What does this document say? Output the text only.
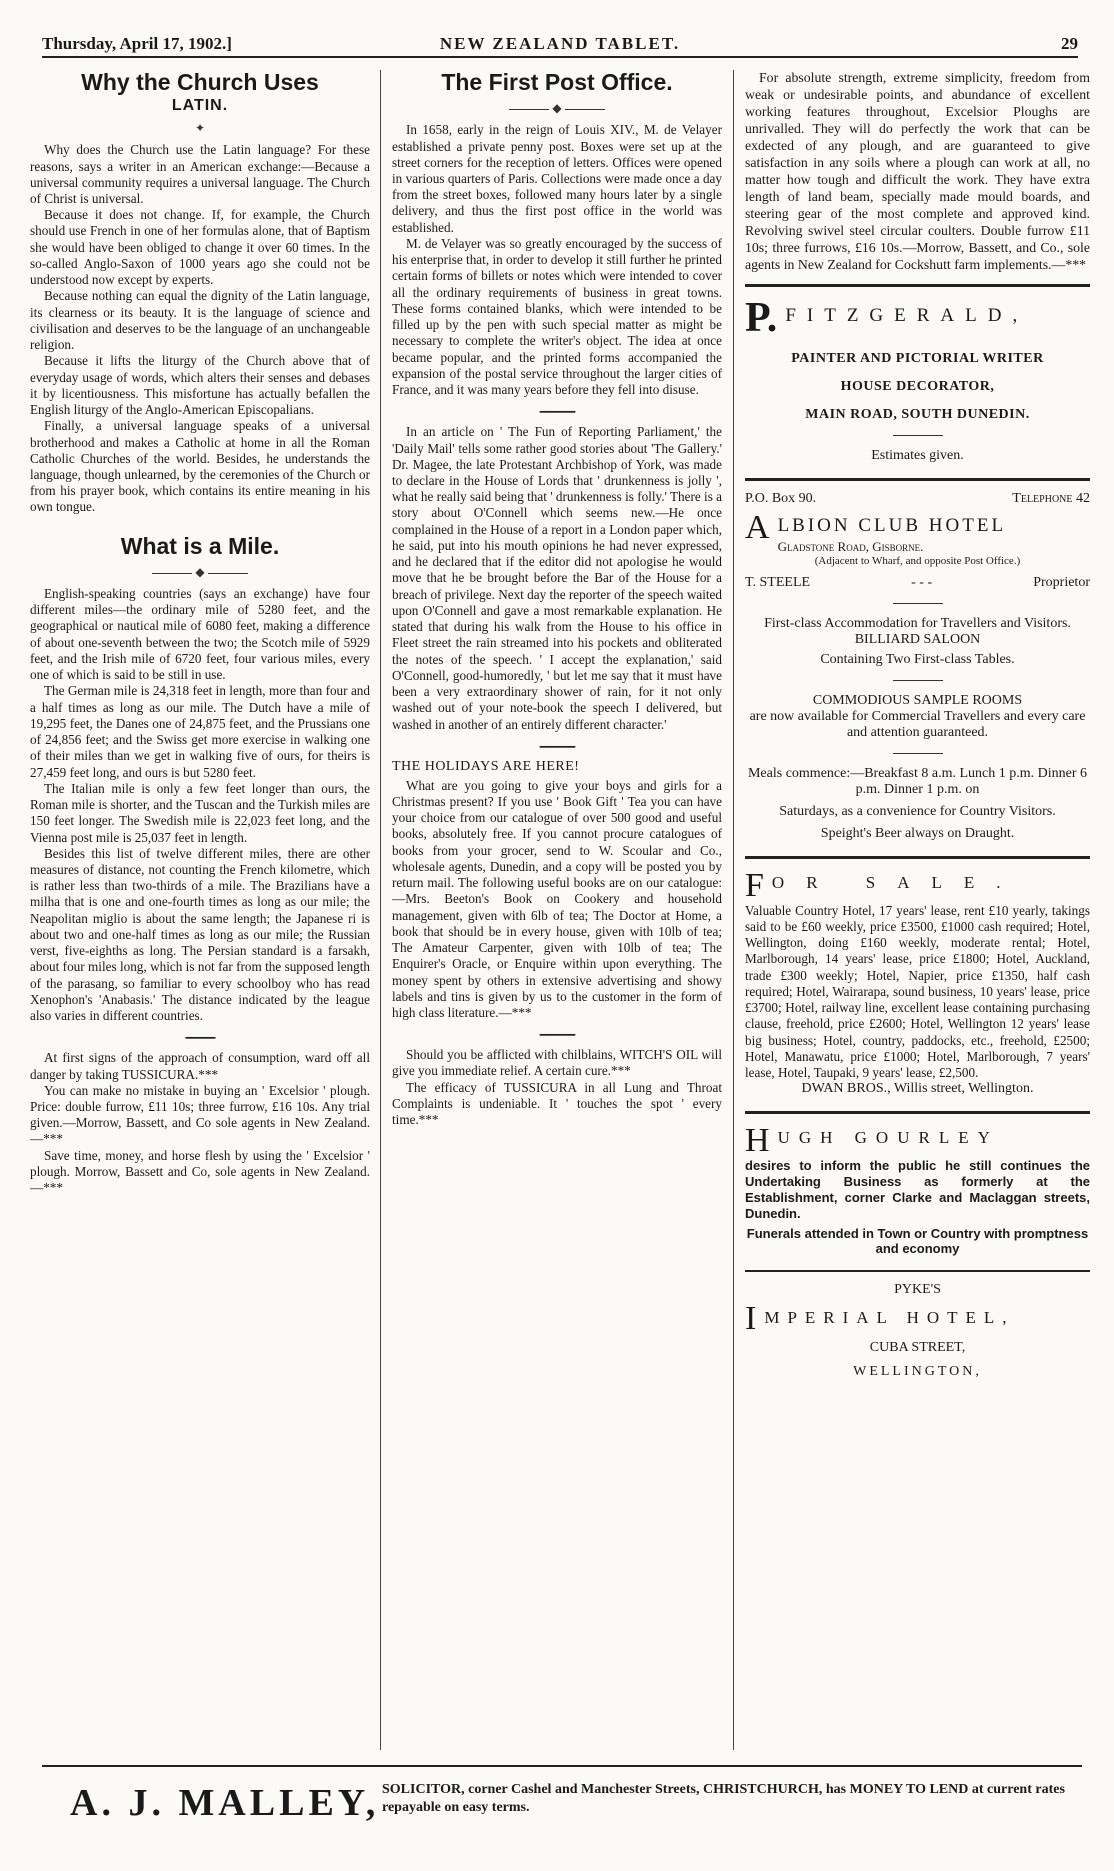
Thursday, April 17, 1902.]	NEW ZEALAND TABLET.	29
Why the Church Uses
LATIN.
✦

Why does the Church use the Latin language? For these reasons, says a writer in an American exchange:—Because a universal community requires a universal language. The Church of Christ is universal.

Because it does not change. If, for example, the Church should use French in one of her formulas alone, that of Baptism she would have been obliged to change it over 60 times. In the so-called Anglo-Saxon of 1000 years ago she could not be understood now except by experts.

Because nothing can equal the dignity of the Latin language, its clearness or its beauty. It is the language of science and civilisation and deserves to be the language of an unchangeable religion.

Because it lifts the liturgy of the Church above that of everyday usage of words, which alters their senses and debases it by licentiousness. This misfortune has actually befallen the English liturgy of the Anglo-American Episcopalians.

Finally, a universal language speaks of a universal brotherhood and makes a Catholic at home in all the Roman Catholic Churches of the world. Besides, he understands the language, though unlearned, by the ceremonies of the Church or from his prayer book, which contains its entire meaning in his own tongue.

What is a Mile.
◆

English-speaking countries (says an exchange) have four different miles—the ordinary mile of 5280 feet, and the geographical or nautical mile of 6080 feet, making a difference of about one-seventh between the two; the Scotch mile of 5929 feet, and the Irish mile of 6720 feet, four various miles, every one of which is said to be still in use.

The German mile is 24,318 feet in length, more than four and a half times as long as our mile. The Dutch have a mile of 19,295 feet, the Danes one of 24,875 feet, and the Prussians one of 24,856 feet; and the Swiss get more exercise in walking one of their miles than we get in walking five of ours, for theirs is 27,459 feet long, and ours is but 5280 feet.

The Italian mile is only a few feet longer than ours, the Roman mile is shorter, and the Tuscan and the Turkish miles are 150 feet longer. The Swedish mile is 22,023 feet long, and the Vienna post mile is 25,037 feet in length.

Besides this list of twelve different miles, there are other measures of distance, not counting the French kilometre, which is rather less than two-thirds of a mile. The Brazilians have a milha that is one and one-fourth times as long as our mile; the Neapolitan miglio is about the same length; the Japanese ri is about two and one-half times as long as our mile; the Russian verst, five-eighths as long. The Persian standard is a farsakh, about four miles long, which is not far from the supposed length of the parasang, so familiar to every schoolboy who has read Xenophon's 'Anabasis.' The distance indicated by the league also varies in different countries.

▪▪▪▪▪▪▪▪▪▪▪▪▪▪▪▪▪▪▪▪

At first signs of the approach of consumption, ward off all danger by taking TUSSICURA.***

You can make no mistake in buying an ' Excelsior ' plough. Price: double furrow, £11 10s; three furrow, £16 10s. Any trial given.—Morrow, Bassett, and Co sole agents in New Zealand.—***

Save time, money, and horse flesh by using the ' Excelsior ' plough. Morrow, Bassett and Co, sole agents in New Zealand.—***

The First Post Office.
◆

In 1658, early in the reign of Louis XIV., M. de Velayer established a private penny post. Boxes were set up at the street corners for the reception of letters. Offices were opened in various quarters of Paris. Collections were made once a day from the street boxes, followed many hours later by a single delivery, and thus the first post office in the world was established.

M. de Velayer was so greatly encouraged by the success of his enterprise that, in order to develop it still further he printed certain forms of billets or notes which were intended to cover all the ordinary requirements of business in great towns. These forms contained blanks, which were intended to be filled up by the pen with such special matter as might be necessary to complete the writer's object. The idea at once became popular, and the printed forms accompanied the expansion of the postal service throughout the larger cities of France, and it was many years before they fell into disuse.

▪▪▪▪▪▪▪▪▪▪▪▪▪▪▪▪▪▪▪▪▪▪▪▪

In an article on ' The Fun of Reporting Parliament,' the 'Daily Mail' tells some rather good stories about 'The Gallery.' Dr. Magee, the late Protestant Archbishop of York, was made to declare in the House of Lords that ' drunkenness is jolly ', what he really said being that ' drunkenness is folly.' There is a story about O'Connell which seems new.—He once complained in the House of a report in a London paper which, he said, put into his mouth opinions he had never expressed, and he declared that if the editor did not apologise he would move that he be brought before the Bar of the House for a breach of privilege. Next day the reporter of the speech waited upon O'Connell and gave a most remarkable explanation. He stated that during his walk from the House to his office in Fleet street the rain streamed into his pockets and obliterated the notes of the speech. ' I accept the explanation,' said O'Connell, good-humoredly, ' but let me say that it must have been a very extraordinary shower of rain, for it not only washed out of your note-book the speech I delivered, but washed in another of an entirely different character.'

▪▪▪▪▪▪▪▪▪▪▪▪▪▪▪▪▪▪▪▪▪▪▪▪
THE HOLIDAYS ARE HERE!

What are you going to give your boys and girls for a Christmas present? If you use ' Book Gift ' Tea you can have your choice from our catalogue of over 500 good and useful books, absolutely free. If you cannot procure catalogues of books from your grocer, send to W. Scoular and Co., wholesale agents, Dunedin, and a copy will be posted you by return mail. The following useful books are on our catalogue:—Mrs. Beeton's Book on Cookery and household management, given with 6lb of tea; The Doctor at Home, a book that should be in every house, given with 10lb of tea; The Amateur Carpenter, given with 10lb of tea; The Enquirer's Oracle, or Enquire within upon everything. The money spent by others in extensive advertising and showy labels and tins is given by us to the customer in the form of high class literature.—***

▪▪▪▪▪▪▪▪▪▪▪▪▪▪▪▪▪▪▪▪▪▪▪▪

Should you be afflicted with chilblains, WITCH'S OIL will give you immediate relief. A certain cure.***

The efficacy of TUSSICURA in all Lung and Throat Complaints is undeniable. It ' touches the spot ' every time.***

For absolute strength, extreme simplicity, freedom from weak or undesirable points, and abundance of excellent working features throughout, Excelsior Ploughs are unrivalled. They will do perfectly the work that can be exdected of any plough, and are guaranteed to give satisfaction in any soils where a plough can work at all, no matter how tough and difficult the work. They have extra length of land beam, specially made mould boards, and steering gear of the most complete and approved kind. Revolving swivel steel circular coulters. Double furrow £11 10s; three furrows, £16 10s.—Morrow, Bassett, and Co., sole agents in New Zealand for Cockshutt farm implements.—***

P. FITZGERALD,
PAINTER AND PICTORIAL WRITER
HOUSE DECORATOR,
MAIN ROAD, SOUTH DUNEDIN.
Estimates given.
P.O. Box 90.	Telephone 42
A LBION CLUB HOTEL
Gladstone Road, Gisborne.
(Adjacent to Wharf, and opposite Post Office.)
T. STEELE	- - -	Proprietor
First-class Accommodation for Travellers and Visitors.
BILLIARD SALOON
Containing Two First-class Tables.
COMMODIOUS SAMPLE ROOMS
are now available for Commercial Travellers and every care and attention guaranteed.
Meals commence:—Breakfast 8 a.m. Lunch 1 p.m. Dinner 6 p.m. Dinner 1 p.m. on
Saturdays, as a convenience for Country Visitors.
Speight's Beer always on Draught.
F OR SALE.

Valuable Country Hotel, 17 years' lease, rent £10 yearly, takings said to be £60 weekly, price £3500, £1000 cash required; Hotel, Wellington, doing £160 weekly, moderate rental; Hotel, Marlborough, 14 years' lease, price £1800; Hotel, Auckland, trade £300 weekly; Hotel, Napier, price £1350, half cash required; Hotel, Wairarapa, sound business, 10 years' lease, price £3700; Hotel, railway line, excellent lease containing purchasing clause, freehold, price £2600; Hotel, Wellington 12 years' lease big business; Hotel, country, paddocks, etc., freehold, £2500; Hotel, Manawatu, price £1000; Hotel, Marlborough, 7 years' lease, Hotel, Taupaki, 9 years' lease, £2,500.

DWAN BROS., Willis street, Wellington.
H UGH GOURLEY

desires to inform the public he still continues the Undertaking Business as formerly at the Establishment, corner Clarke and Maclaggan streets, Dunedin.

Funerals attended in Town or Country with promptness and economy
PYKE'S
I MPERIAL HOTEL,
CUBA STREET,
WELLINGTON,
A. J. MALLEY, SOLICITOR, corner Cashel and Manchester Streets, CHRISTCHURCH, has MONEY TO LEND at current rates repayable on easy terms.
